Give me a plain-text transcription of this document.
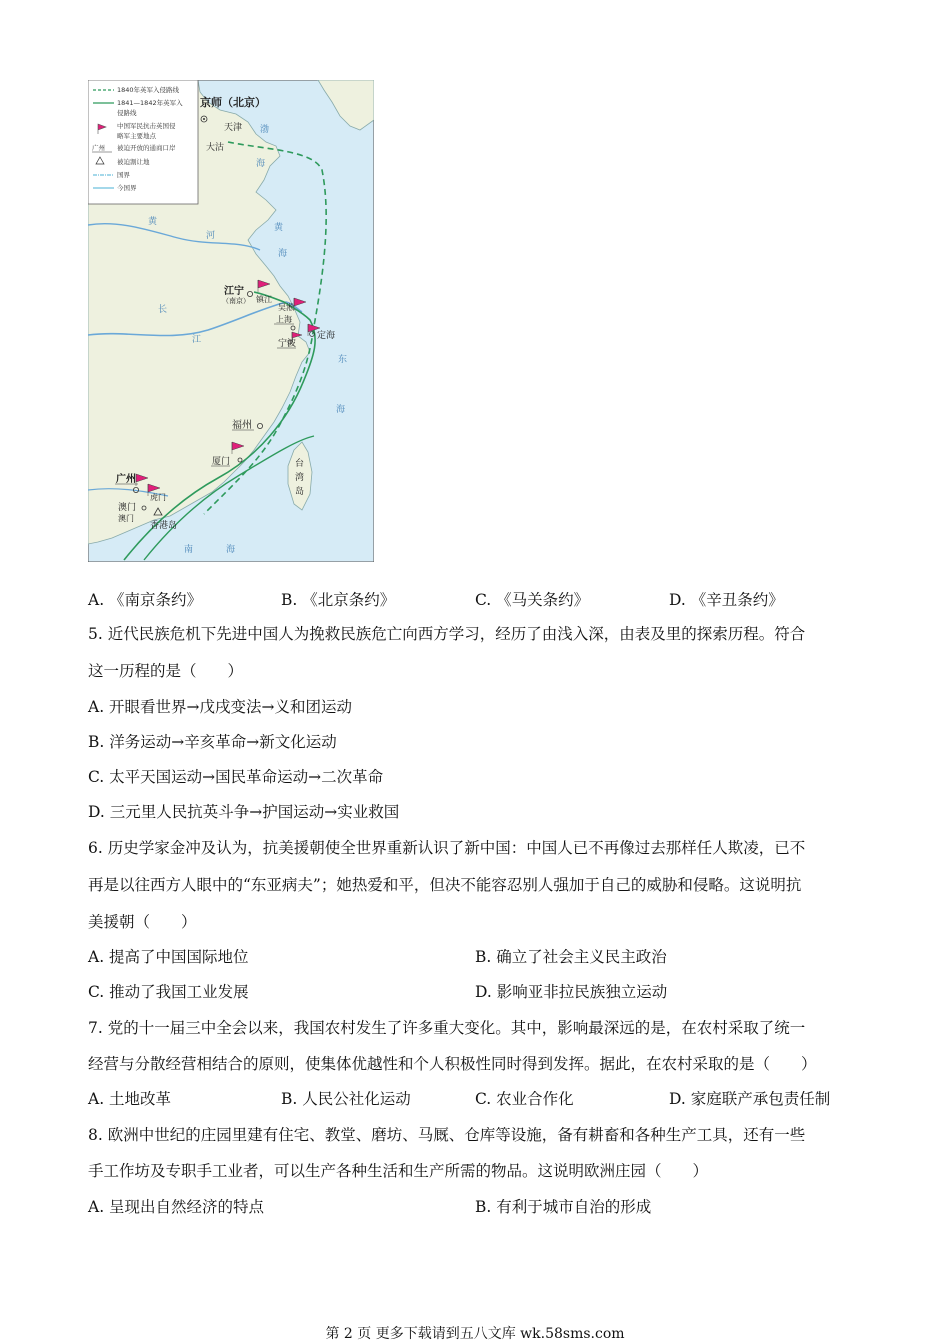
1840年英军入侵路线
1841—1842年英军入
侵路线
中国军民抗击英国侵
略军主要地点
广州 被迫开放的通商口岸
被迫割让地
国界
今国界
京师（北京）
天津
大沽
渤
海
黄
海
黄
河
江宁
（南京） 镇江
吴淞
上海
宁波
定海
长
江
东
海
福州
厦门	台
湾
岛
广州
虎门
澳门
澳门
香港岛
南	海
A. 《南京条约》	B. 《北京条约》	C. 《马关条约》	D. 《辛丑条约》
5. 近代民族危机下先进中国人为挽救民族危亡向西方学习，经历了由浅入深，由表及里的探索历程。符合
这一历程的是（　　）
A. 开眼看世界→戊戌变法→义和团运动
B. 洋务运动→辛亥革命→新文化运动
C. 太平天国运动→国民革命运动→二次革命
D. 三元里人民抗英斗争→护国运动→实业救国
6. 历史学家金冲及认为，抗美援朝使全世界重新认识了新中国：中国人已不再像过去那样任人欺凌，已不
再是以往西方人眼中的“东亚病夫”；她热爱和平，但决不能容忍别人强加于自己的威胁和侵略。这说明抗
美援朝（　　）
A. 提高了中国国际地位	B. 确立了社会主义民主政治
C. 推动了我国工业发展	D. 影响亚非拉民族独立运动
7. 党的十一届三中全会以来，我国农村发生了许多重大变化。其中，影响最深远的是，在农村采取了统一
经营与分散经营相结合的原则，使集体优越性和个人积极性同时得到发挥。据此，在农村采取的是（　　）
A. 土地改革	B. 人民公社化运动	C. 农业合作化	D. 家庭联产承包责任制
8. 欧洲中世纪的庄园里建有住宅、教堂、磨坊、马厩、仓库等设施，备有耕畜和各种生产工具，还有一些
手工作坊及专职手工业者，可以生产各种生活和生产所需的物品。这说明欧洲庄园（　　）
A. 呈现出自然经济的特点	B. 有利于城市自治的形成
第 2 页 更多下载请到五八文库 wk.58sms.com
